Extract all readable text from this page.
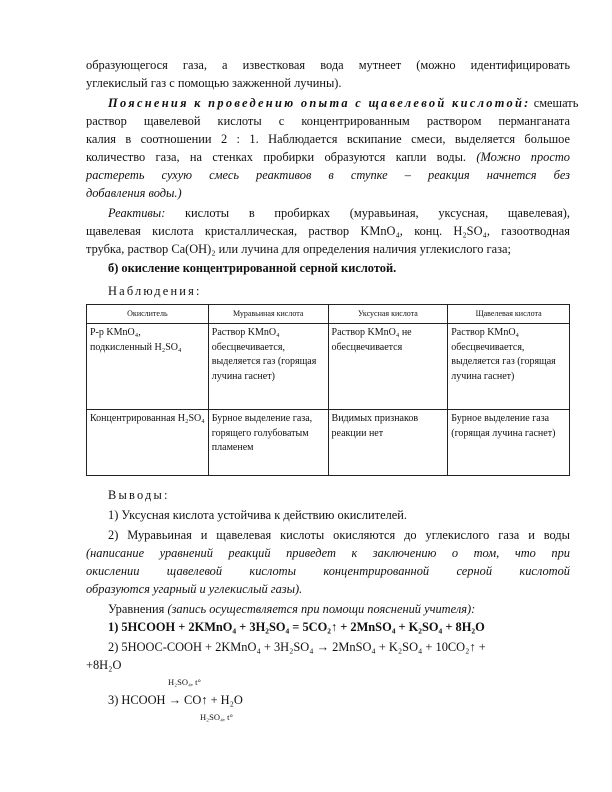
образующегося газа, а известковая вода мутнеет (можно идентифицировать
углекислый газ с помощью зажженной лучины).
Пояснения к проведению опыта с щавелевой кислотой: смешать
раствор щавелевой кислоты с концентрированным раствором перманганата
калия в соотношении 2 : 1. Наблюдается вскипание смеси, выделяется большое
количество газа, на стенках пробирки образуются капли воды. (Можно просто
растереть сухую смесь реактивов в ступке – реакция начнется без
добавления воды.)
Реактивы: кислоты в пробирках (муравьиная, уксусная, щавелевая),
щавелевая кислота кристаллическая, раствор KMnO₄, конц. H₂SO₄, газоотводная
трубка, раствор Ca(OH)₂ или лучина для определения наличия углекислого газа;
б) окисление концентрированной серной кислотой.
Наблюдения:
Окислитель	Муравьиная кислота	Уксусная кислота	Щавелевая кислота
Р-р KMnO₄, подкисленный H₂SO₄	Раствор KMnO₄ обесцвечивается, выделяется газ (горящая лучина гаснет)	Раствор KMnO₄ не обесцвечивается	Раствор KMnO₄ обесцвечивается, выделяется газ (горящая лучина гаснет)
Концентрированная H₂SO₄	Бурное выделение газа, горящего голубоватым пламенем	Видимых признаков реакции нет	Бурное выделение газа (горящая лучина гаснет)
Выводы:
1) Уксусная кислота устойчива к действию окислителей.
2) Муравьиная и щавелевая кислоты окисляются до углекислого газа и воды
(написание уравнений реакций приведет к заключению о том, что при
окислении щавелевой кислоты концентрированной серной кислотой
образуются угарный и углекислый газы).
Уравнения (запись осуществляется при помощи пояснений учителя):
1) 5HCOOH + 2KMnO₄ + 3H₂SO₄ = 5CO₂↑ + 2MnSO₄ + K₂SO₄ + 8H₂O
2) 5HOOC-COOH + 2KMnO₄ + 3H₂SO₄ → 2MnSO₄ + K₂SO₄ + 10CO₂↑ +
+8H₂O
H₂SO₄, t°
3) HCOOH → CO↑ + H₂O
H₂SO₄, t°
